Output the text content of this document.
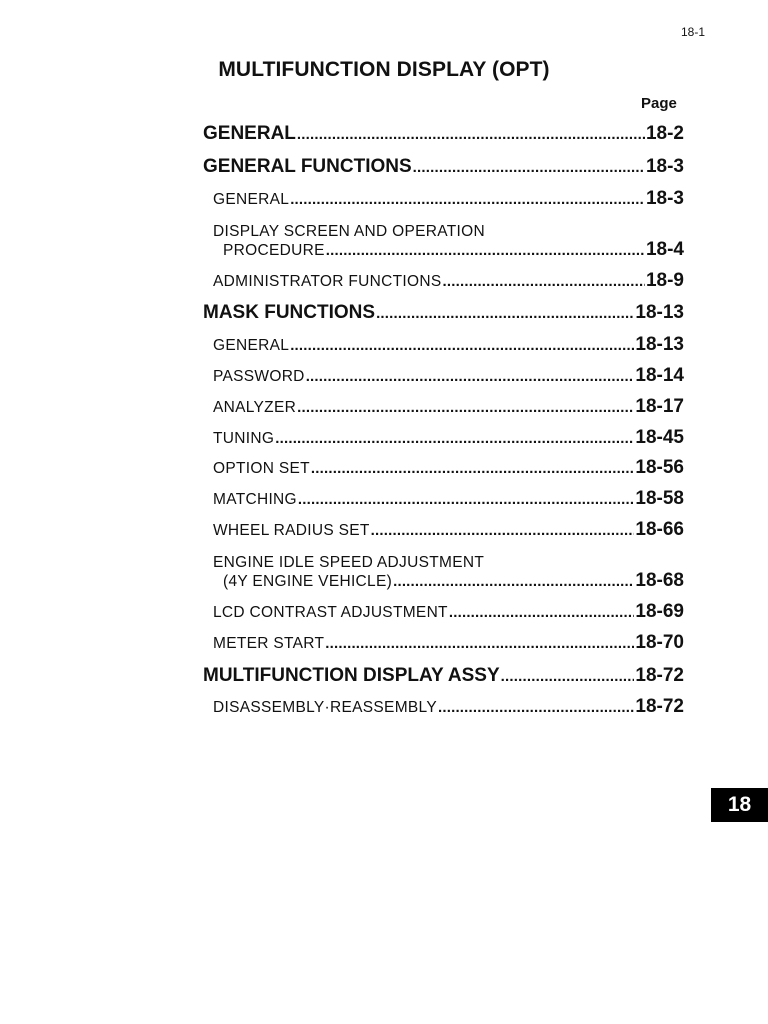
18-1
MULTIFUNCTION DISPLAY (OPT)
Page
GENERAL .....	18-2
GENERAL FUNCTIONS .....	18-3
GENERAL .....	18-3
DISPLAY SCREEN AND OPERATION
PROCEDURE .....	18-4
ADMINISTRATOR FUNCTIONS .....	18-9
MASK FUNCTIONS .....	18-13
GENERAL .....	18-13
PASSWORD .....	18-14
ANALYZER .....	18-17
TUNING .....	18-45
OPTION SET .....	18-56
MATCHING .....	18-58
WHEEL RADIUS SET .....	18-66
ENGINE IDLE SPEED ADJUSTMENT
(4Y ENGINE VEHICLE) .....	18-68
LCD CONTRAST ADJUSTMENT .....	18-69
METER START .....	18-70
MULTIFUNCTION DISPLAY ASSY .....	18-72
DISASSEMBLY·REASSEMBLY .....	18-72
18
